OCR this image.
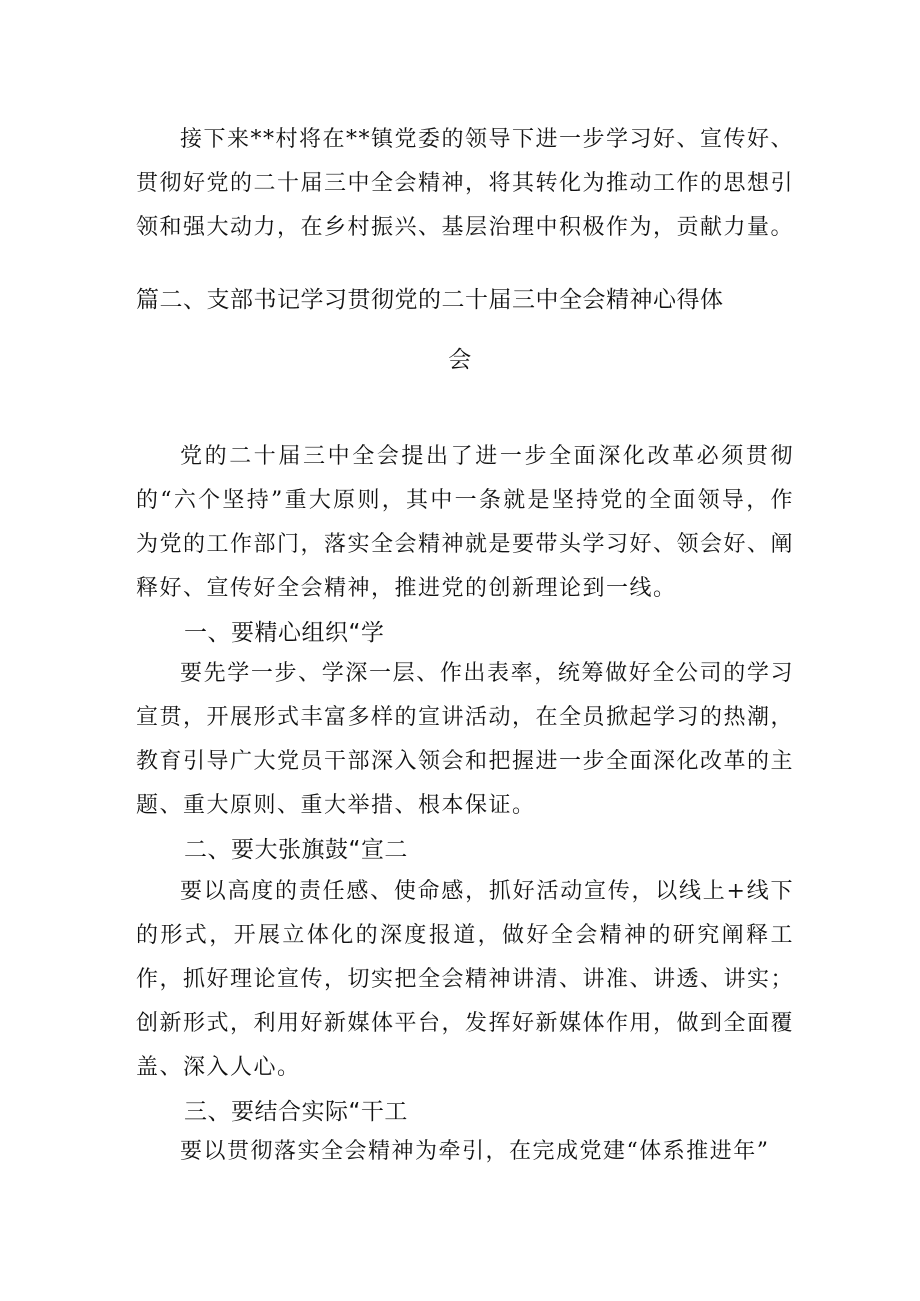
接下来**村将在**镇党委的领导下进一步学习好、宣传好、贯彻好党的二十届三中全会精神，将其转化为推动工作的思想引领和强大动力，在乡村振兴、基层治理中积极作为，贡献力量。

篇二、支部书记学习贯彻党的二十届三中全会精神心得体
会

党的二十届三中全会提出了进一步全面深化改革必须贯彻的“六个坚持”重大原则，其中一条就是坚持党的全面领导，作为党的工作部门，落实全会精神就是要带头学习好、领会好、阐释好、宣传好全会精神，推进党的创新理论到一线。

一、要精心组织“学

要先学一步、学深一层、作出表率，统筹做好全公司的学习宣贯，开展形式丰富多样的宣讲活动，在全员掀起学习的热潮，教育引导广大党员干部深入领会和把握进一步全面深化改革的主题、重大原则、重大举措、根本保证。

二、要大张旗鼓“宣二

要以高度的责任感、使命感，抓好活动宣传，以线上+线下的形式，开展立体化的深度报道，做好全会精神的研究阐释工作，抓好理论宣传，切实把全会精神讲清、讲准、讲透、讲实；创新形式，利用好新媒体平台，发挥好新媒体作用，做到全面覆盖、深入人心。

三、要结合实际“干工

要以贯彻落实全会精神为牵引，在完成党建“体系推进年”
